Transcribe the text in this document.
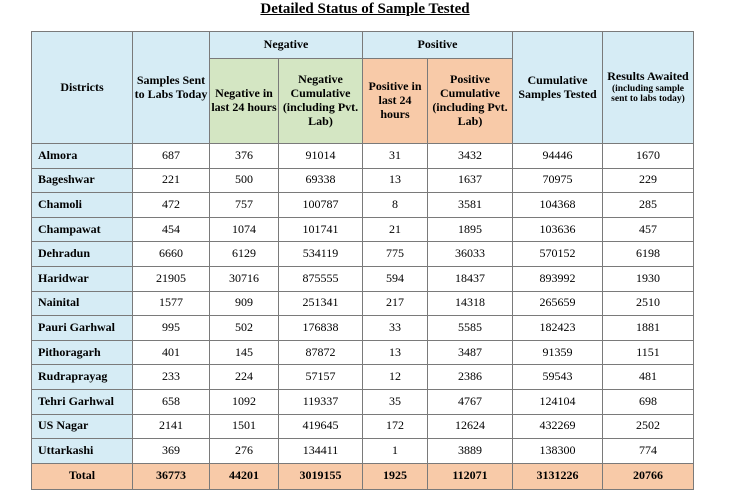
Detailed Status of Sample Tested
Districts	Samples Sent to Labs Today	Negative		Positive		Cumulative Samples Tested	Results Awaited
(including sample sent to labs today)

		Negative in last 24 hours	Negative Cumulative (including Pvt. Lab)	Positive in last 24 hours	Positive Cumulative (including Pvt. Lab)		
Almora	687	376	91014	31	3432	94446	1670
Bageshwar	221	500	69338	13	1637	70975	229
Chamoli	472	757	100787	8	3581	104368	285
Champawat	454	1074	101741	21	1895	103636	457
Dehradun	6660	6129	534119	775	36033	570152	6198
Haridwar	21905	30716	875555	594	18437	893992	1930
Nainital	1577	909	251341	217	14318	265659	2510
Pauri Garhwal	995	502	176838	33	5585	182423	1881
Pithoragarh	401	145	87872	13	3487	91359	1151
Rudraprayag	233	224	57157	12	2386	59543	481
Tehri Garhwal	658	1092	119337	35	4767	124104	698
US Nagar	2141	1501	419645	172	12624	432269	2502
Uttarkashi	369	276	134411	1	3889	138300	774
Total	36773	44201	3019155	1925	112071	3131226	20766
